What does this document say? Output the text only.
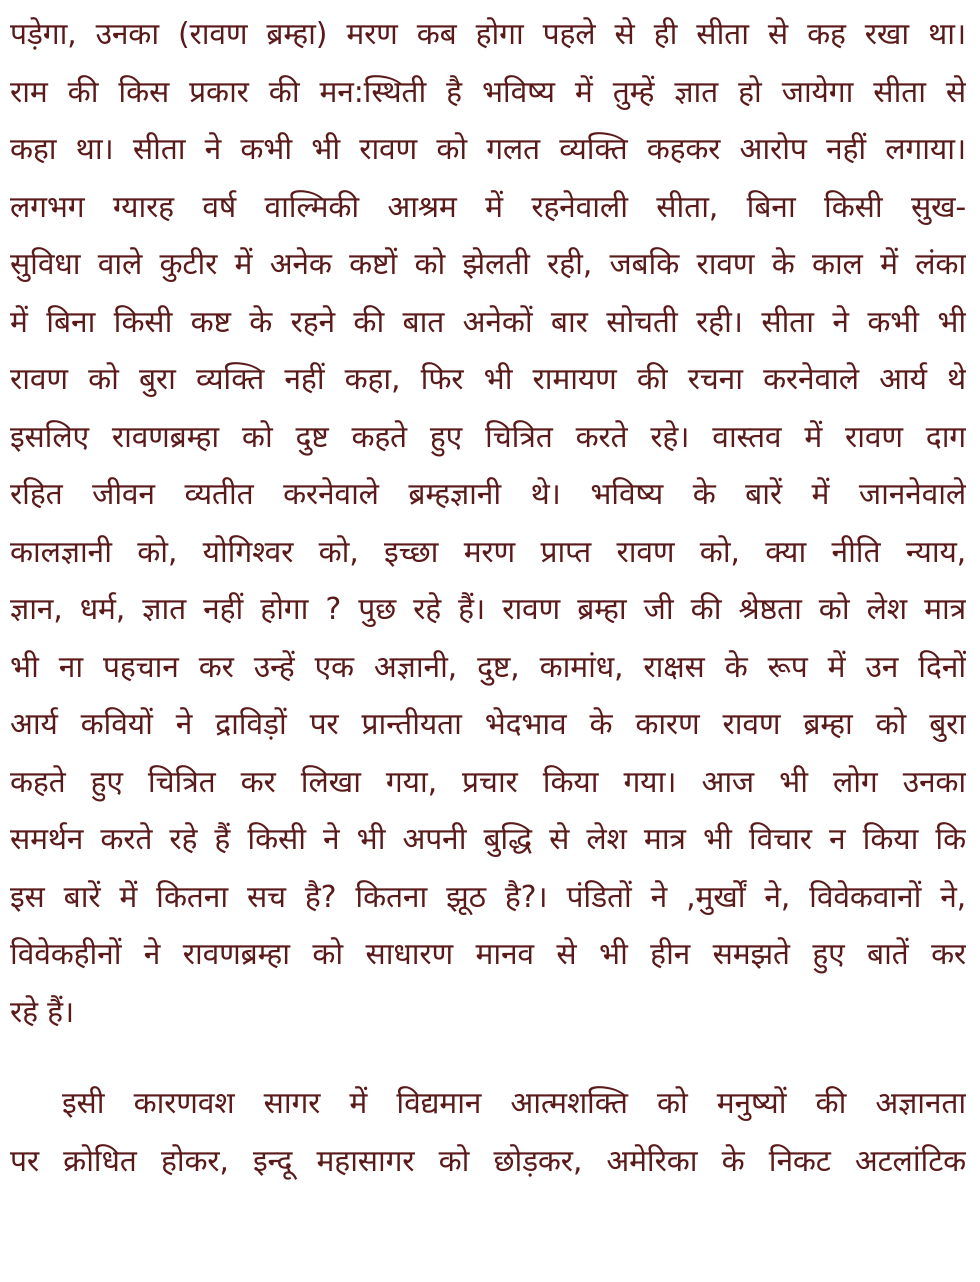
पड़ेगा, उनका (रावण ब्रम्हा) मरण कब होगा पहले से ही सीता से कह रखा था।
राम की किस प्रकार की मन:स्थिती है भविष्य में तुम्हें ज्ञात हो जायेगा सीता से
कहा था। सीता ने कभी भी रावण को गलत व्यक्ति कहकर आरोप नहीं लगाया।
लगभग ग्यारह वर्ष वाल्मिकी आश्रम में रहनेवाली सीता, बिना किसी सुख-
सुविधा वाले कुटीर में अनेक कष्टों को झेलती रही, जबकि रावण के काल में लंका
में बिना किसी कष्ट के रहने की बात अनेकों बार सोचती रही। सीता ने कभी भी
रावण को बुरा व्यक्ति नहीं कहा, फिर भी रामायण की रचना करनेवाले आर्य थे
इसलिए रावणब्रम्हा को दुष्ट कहते हुए चित्रित करते रहे। वास्तव में रावण दाग
रहित जीवन व्यतीत करनेवाले ब्रम्हज्ञानी थे। भविष्य के बारें में जाननेवाले
कालज्ञानी को, योगिश्वर को, इच्छा मरण प्राप्त रावण को, क्या नीति न्याय,
ज्ञान, धर्म, ज्ञात नहीं होगा ? पुछ रहे हैं। रावण ब्रम्हा जी की श्रेष्ठता को लेश मात्र
भी ना पहचान कर उन्हें एक अज्ञानी, दुष्ट, कामांध, राक्षस के रूप में उन दिनों
आर्य कवियों ने द्राविड़ों पर प्रान्तीयता भेदभाव के कारण रावण ब्रम्हा को बुरा
कहते हुए चित्रित कर लिखा गया, प्रचार किया गया। आज भी लोग उनका
समर्थन करते रहे हैं किसी ने भी अपनी बुद्धि से लेश मात्र भी विचार न किया कि
इस बारें में कितना सच है? कितना झूठ है?। पंडितों ने ,मुर्खों ने, विवेकवानों ने,
विवेकहीनों ने रावणब्रम्हा को साधारण मानव से भी हीन समझते हुए बातें कर
रहे हैं।
इसी कारणवश सागर में विद्यमान आत्मशक्ति को मनुष्यों की अज्ञानता
पर क्रोधित होकर, इन्दू महासागर को छोड़कर, अमेरिका के निकट अटलांटिक
